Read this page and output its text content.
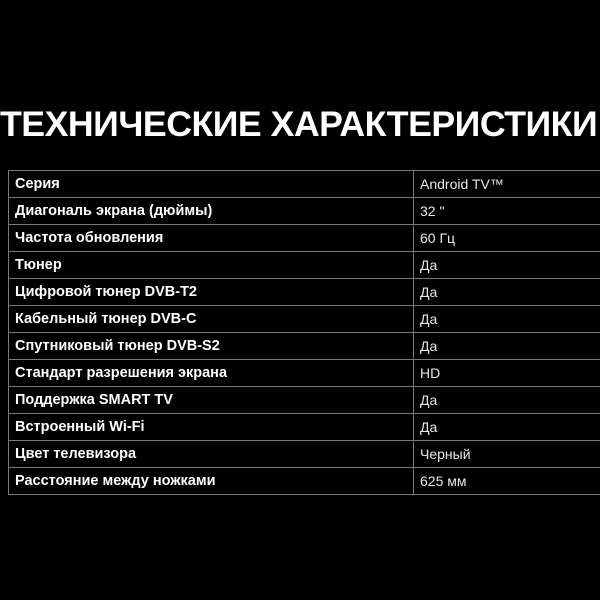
ТЕХНИЧЕСКИЕ ХАРАКТЕРИСТИКИ
Серия	Android TV™
Диагональ экрана (дюймы)	32 "
Частота обновления	60 Гц
Тюнер	Да
Цифровой тюнер DVB-T2	Да
Кабельный тюнер DVB-C	Да
Спутниковый тюнер DVB-S2	Да
Стандарт разрешения экрана	HD
Поддержка SMART TV	Да
Встроенный Wi-Fi	Да
Цвет телевизора	Черный
Расстояние между ножками	625 мм
